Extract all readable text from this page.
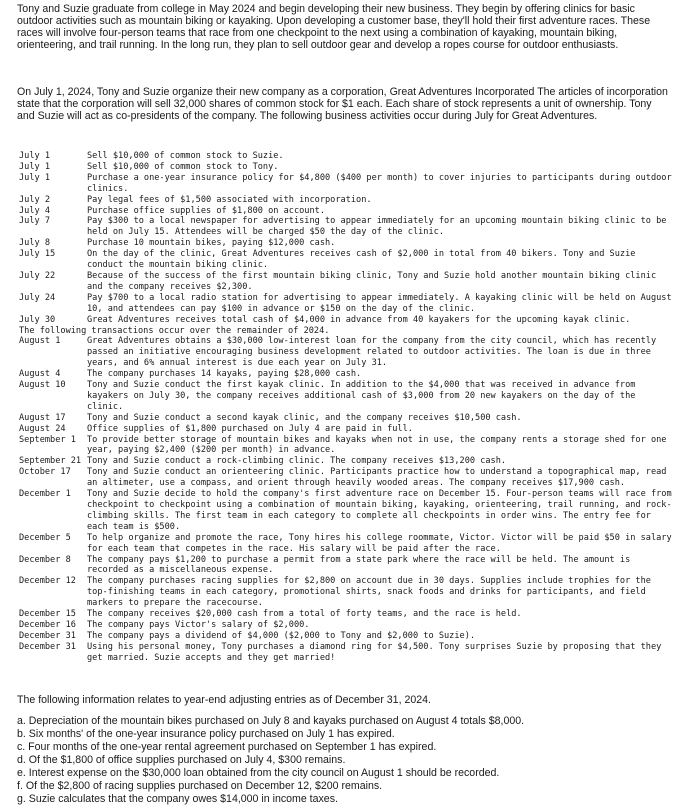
Tony and Suzie graduate from college in May 2024 and begin developing their new business. They begin by offering clinics for basic outdoor activities such as mountain biking or kayaking. Upon developing a customer base, they'll hold their first adventure races. These races will involve four-person teams that race from one checkpoint to the next using a combination of kayaking, mountain biking, orienteering, and trail running. In the long run, they plan to sell outdoor gear and develop a ropes course for outdoor enthusiasts.

On July 1, 2024, Tony and Suzie organize their new company as a corporation, Great Adventures Incorporated The articles of incorporation state that the corporation will sell 32,000 shares of common stock for $1 each. Each share of stock represents a unit of ownership. Tony and Suzie will act as co-presidents of the company. The following business activities occur during July for Great Adventures.

July 1	Sell $10,000 of common stock to Suzie.
July 1	Sell $10,000 of common stock to Tony.
July 1	Purchase a one-year insurance policy for $4,800 ($400 per month) to cover injuries to participants during outdoor clinics.
July 2	Pay legal fees of $1,500 associated with incorporation.
July 4	Purchase office supplies of $1,800 on account.
July 7	Pay $300 to a local newspaper for advertising to appear immediately for an upcoming mountain biking clinic to be held on July 15. Attendees will be charged $50 the day of the clinic.
July 8	Purchase 10 mountain bikes, paying $12,000 cash.
July 15	On the day of the clinic, Great Adventures receives cash of $2,000 in total from 40 bikers. Tony and Suzie conduct the mountain biking clinic.
July 22	Because of the success of the first mountain biking clinic, Tony and Suzie hold another mountain biking clinic and the company receives $2,300.
July 24	Pay $700 to a local radio station for advertising to appear immediately. A kayaking clinic will be held on August 10, and attendees can pay $100 in advance or $150 on the day of the clinic.
July 30	Great Adventures receives total cash of $4,000 in advance from 40 kayakers for the upcoming kayak clinic.
The following transactions occur over the remainder of 2024.
August 1	Great Adventures obtains a $30,000 low-interest loan for the company from the city council, which has recently passed an initiative encouraging business development related to outdoor activities. The loan is due in three years, and 6% annual interest is due each year on July 31.
August 4	The company purchases 14 kayaks, paying $28,000 cash.
August 10	Tony and Suzie conduct the first kayak clinic. In addition to the $4,000 that was received in advance from kayakers on July 30, the company receives additional cash of $3,000 from 20 new kayakers on the day of the clinic.
August 17	Tony and Suzie conduct a second kayak clinic, and the company receives $10,500 cash.
August 24	Office supplies of $1,800 purchased on July 4 are paid in full.
September 1	To provide better storage of mountain bikes and kayaks when not in use, the company rents a storage shed for one year, paying $2,400 ($200 per month) in advance.
September 21 Tony and Suzie conduct a rock-climbing clinic. The company receives $13,200 cash.
October 17	Tony and Suzie conduct an orienteering clinic. Participants practice how to understand a topographical map, read an altimeter, use a compass, and orient through heavily wooded areas. The company receives $17,900 cash.
December 1	Tony and Suzie decide to hold the company's first adventure race on December 15. Four-person teams will race from checkpoint to checkpoint using a combination of mountain biking, kayaking, orienteering, trail running, and rock-climbing skills. The first team in each category to complete all checkpoints in order wins. The entry fee for each team is $500.
December 5	To help organize and promote the race, Tony hires his college roommate, Victor. Victor will be paid $50 in salary for each team that competes in the race. His salary will be paid after the race.
December 8	The company pays $1,200 to purchase a permit from a state park where the race will be held. The amount is recorded as a miscellaneous expense.
December 12	The company purchases racing supplies for $2,800 on account due in 30 days. Supplies include trophies for the top-finishing teams in each category, promotional shirts, snack foods and drinks for participants, and field markers to prepare the racecourse.
December 15	The company receives $20,000 cash from a total of forty teams, and the race is held.
December 16	The company pays Victor's salary of $2,000.
December 31	The company pays a dividend of $4,000 ($2,000 to Tony and $2,000 to Suzie).
December 31	Using his personal money, Tony purchases a diamond ring for $4,500. Tony surprises Suzie by proposing that they get married. Suzie accepts and they get married!

The following information relates to year-end adjusting entries as of December 31, 2024.

a. Depreciation of the mountain bikes purchased on July 8 and kayaks purchased on August 4 totals $8,000.
b. Six months' of the one-year insurance policy purchased on July 1 has expired.
c. Four months of the one-year rental agreement purchased on September 1 has expired.
d. Of the $1,800 of office supplies purchased on July 4, $300 remains.
e. Interest expense on the $30,000 loan obtained from the city council on August 1 should be recorded.
f. Of the $2,800 of racing supplies purchased on December 12, $200 remains.
g. Suzie calculates that the company owes $14,000 in income taxes.
